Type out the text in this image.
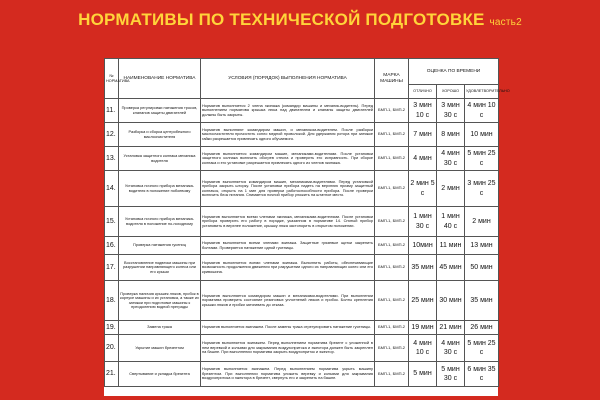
НОРМАТИВЫ ПО ТЕХНИЧЕСКОЙ ПОДГОТОВКЕ часть2
№ НОРМАТИВА	НАИМЕНОВАНИЕ НОРМАТИВА	УСЛОВИЯ (ПОРЯДОК) ВЫПОЛНЕНИЯ НОРМАТИВА	МАРКА МАШИНЫ	ОЦЕНКА ПО ВРЕМЕНИ		
				ОТЛИЧНО	ХОРОШО	УДОВЛЕТВОРИТЕЛЬНО
11.	Проверка регулировки натяжения тросов, клапанов защиты двигателей	Норматив выполняется 2 члена экипажа (командир машины и механик-водитель). Перед выполнением норматива крышка люка над двигателем и клапаны защиты двигателей должны быть закрыты.	БМП-1, БМП-2	3 мин 10 с	3 мин 30 с	4 мин 10 с
12.	Разборка и сборка центробежного маслоочистителя	Норматив выполняют командиром машин, и механиком-водителем. После разборки маслоочистителя прочистить сопло медной проволокой. Для удержания ротора при затяжке гайки разрешается привлекать одного обучаемого.	БМП-1, БМП-2	7 мин	8 мин	10 мин
13.	Установка защитного колпака механика водителя	Норматив выполняется командиром машин, механиками-водителями. После установки защитного колпака включить обогрев стекла и проверить его исправность. При сборке колпака и его установке разрешается привлекать одного из членов экипажа.	БМП-1, БМП-2	4 мин	4 мин 30 с	5 мин 25 с
14.	Установка ночного прибора механика-водителя в положение побоевому	Норматив выполняется командиром машин, механиками-водителями. Перед установкой прибора закрыть шторку. После установки прибора надеть на верхнюю призму защитный колпачок, открыть на 1 мин для проверки работоспособности прибора. После проверки включить блок питания. Снимается ночной прибор уложить на штатное место.	БМП-1, БМП-2	2 мин 5 с	2 мин	3 мин 25 с
15.	Установка ночного прибора механика-водителя в положение по-походному	Норматив выполняется всеми членами экипажа, механиками-водителями. После установки прибора проверить его работу в порядке, указанном в нормативе 14. Снятый прибор установить в верхнее положение, крышку люка застопорить в открытом положении.	БМП-1, БМП-2	1 мин 30 с	1 мин 40 с	2 мин
16.	Проверка натяжения гусениц	Норматив выполняется всеми членами экипажа. Защитные грязевые щитки закрепить болтами. Проверяется натяжение одной гусеницы.	БМП-1, БМП-2	10мин	11 мин	13 мин
17.	Восстановление подвески машины при разрушении направляющего колеса или его крыши	Норматив выполняется всеми членами экипажа. Выполнить работы, обеспечивающие возможность продолжения движения при разрушении одного из направляющих колес или его кривошипа.	БМП-1, БМП-2	35 мин	45 мин	50 мин
18.	Проверка наличия крышек люков, пробок в корпусе машины и их установка, а также их затяжки при подготовке машины к преодолению водной преграды	Норматив выполняется командиром машин и механиками-водителями. При выполнении норматива проверить состояние резиновых уплотнений люков и пробок. Болты крепления крышки люков и пробки затягивать до отказа.	БМП-1, БМП-2	25 мин	30 мин	35 мин
19.	Замена трака	Норматив выполняется экипажем. После замены трака отрегулировать натяжение гусеницы.	БМП-1, БМП-2	19 мин	21 мин	26 мин
20.	Укрытие машин брезентом	Норматив выполняется экипажем. Перед выполнением норматива брезент с уложенной в нем веревкой и кольями для закрывания воздухопритока и эжектора должен быть закреплен на башне. При выполнении норматива закрыть воздухоприток и эжектор.	БМП-1, БМП-2	4 мин 10 с	4 мин 30 с	5 мин 25 с
21.	Свертывание и укладка брезента	Норматив выполняется экипажем. Перед выполнением норматива укрыть машину брезентом. При выполнении норматива уложить веревку и кольями для закрывания воздухопритока и эжектора в брезент, свернуть его и закрепить на башне.	БМП-1, БМП-2	5 мин	5 мин 30 с	6 мин 35 с
